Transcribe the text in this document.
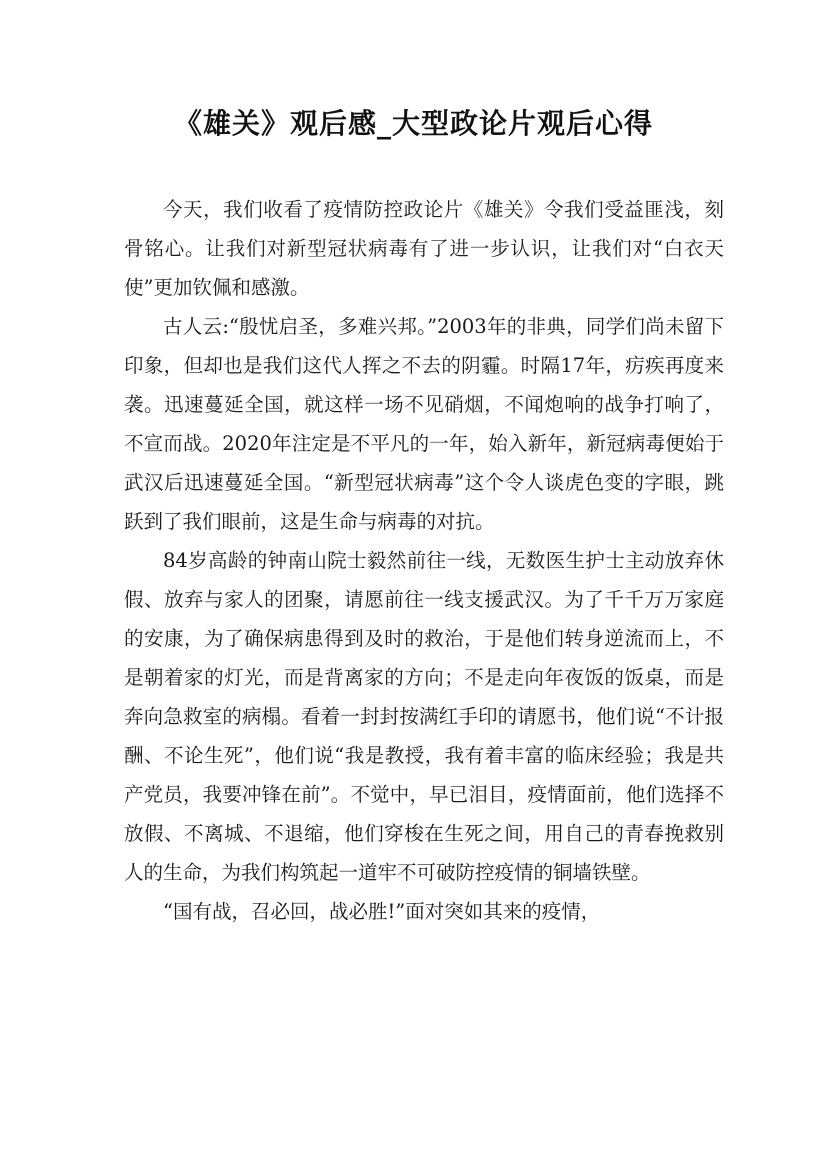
《雄关》观后感_大型政论片观后心得

今天，我们收看了疫情防控政论片《雄关》令我们受益匪浅，刻骨铭心。让我们对新型冠状病毒有了进一步认识，让我们对“白衣天使”更加钦佩和感激。

古人云:“殷忧启圣，多难兴邦。”2003年的非典，同学们尚未留下印象，但却也是我们这代人挥之不去的阴霾。时隔17年，疠疾再度来袭。迅速蔓延全国，就这样一场不见硝烟，不闻炮响的战争打响了，不宣而战。2020年注定是不平凡的一年，始入新年，新冠病毒便始于武汉后迅速蔓延全国。“新型冠状病毒”这个令人谈虎色变的字眼，跳跃到了我们眼前，这是生命与病毒的对抗。

84岁高龄的钟南山院士毅然前往一线，无数医生护士主动放弃休假、放弃与家人的团聚，请愿前往一线支援武汉。为了千千万万家庭的安康，为了确保病患得到及时的救治，于是他们转身逆流而上，不是朝着家的灯光，而是背离家的方向；不是走向年夜饭的饭桌，而是奔向急救室的病榻。看着一封封按满红手印的请愿书，他们说“不计报酬、不论生死”，他们说“我是教授，我有着丰富的临床经验；我是共产党员，我要冲锋在前”。不觉中，早已泪目，疫情面前，他们选择不放假、不离城、不退缩，他们穿梭在生死之间，用自己的青春挽救别人的生命，为我们构筑起一道牢不可破防控疫情的铜墙铁壁。

“国有战，召必回，战必胜!”面对突如其来的疫情，
